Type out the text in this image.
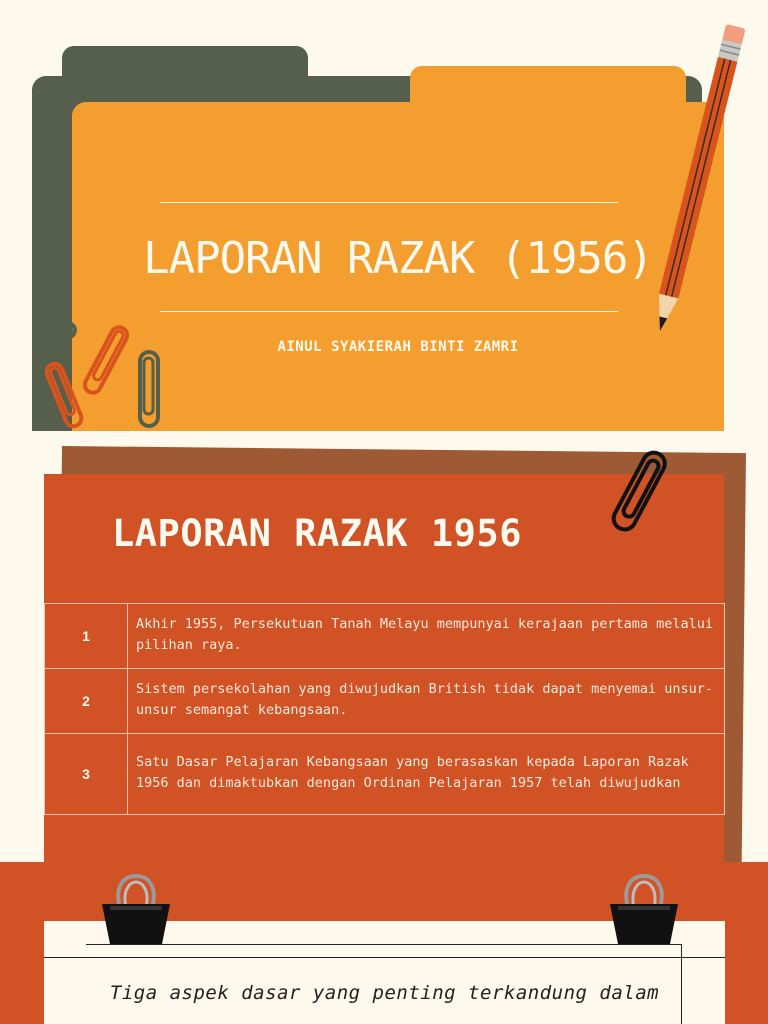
LAPORAN RAZAK (1956)
AINUL SYAKIERAH BINTI ZAMRI
LAPORAN RAZAK 1956
1	Akhir 1955, Persekutuan Tanah Melayu mempunyai kerajaan pertama melalui pilihan raya.
2	Sistem persekolahan yang diwujudkan British tidak dapat menyemai unsur-unsur semangat kebangsaan.
3	Satu Dasar Pelajaran Kebangsaan yang berasaskan kepada Laporan Razak 1956 dan dimaktubkan dengan Ordinan Pelajaran 1957 telah diwujudkan
Tiga aspek dasar yang penting terkandung dalam
